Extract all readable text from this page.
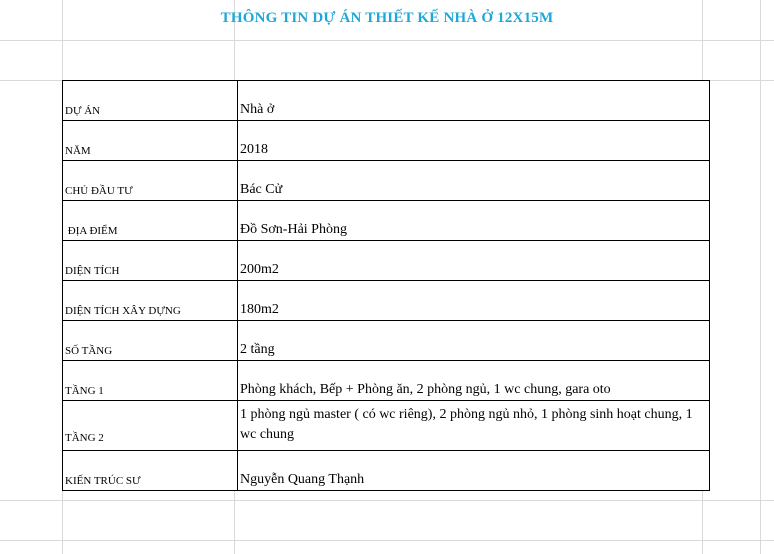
THÔNG TIN DỰ ÁN THIẾT KẾ NHÀ Ở 12X15M
DỰ ÁN	Nhà ở
NĂM	2018
CHỦ ĐẦU TƯ	Bác Cử
ĐỊA ĐIỂM	Đồ Sơn-Hải Phòng
DIỆN TÍCH	200m2
DIỆN TÍCH XÂY DỰNG	180m2
SỐ TẦNG	2 tầng
TẦNG 1	Phòng khách, Bếp + Phòng ăn, 2 phòng ngủ, 1 wc chung, gara oto
TẦNG 2	1 phòng ngủ master ( có wc riêng), 2 phòng ngủ nhỏ, 1 phòng sinh hoạt chung, 1 wc chung
KIẾN TRÚC SƯ	Nguyễn Quang Thạnh
